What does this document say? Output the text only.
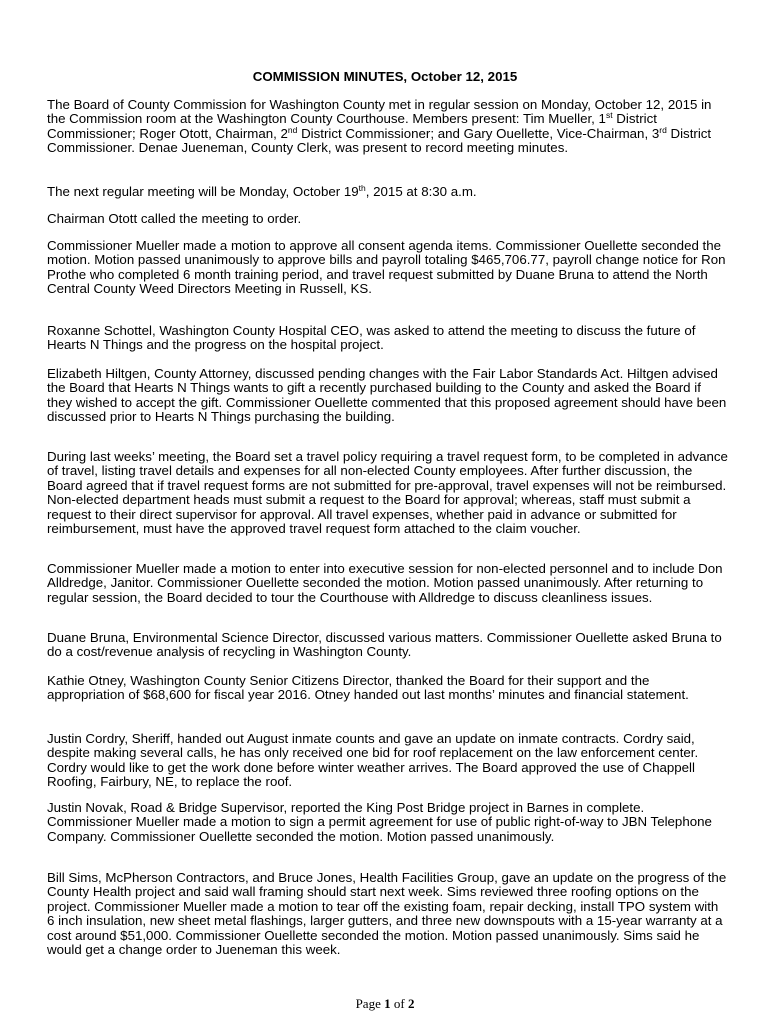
COMMISSION MINUTES, October 12, 2015

The Board of County Commission for Washington County met in regular session on Monday, October 12, 2015 in the Commission room at the Washington County Courthouse. Members present: Tim Mueller, 1st District Commissioner; Roger Otott, Chairman, 2nd District Commissioner; and Gary Ouellette, Vice-Chairman, 3rd District Commissioner. Denae Jueneman, County Clerk, was present to record meeting minutes.

The next regular meeting will be Monday, October 19th, 2015 at 8:30 a.m.

Chairman Otott called the meeting to order.

Commissioner Mueller made a motion to approve all consent agenda items. Commissioner Ouellette seconded the motion. Motion passed unanimously to approve bills and payroll totaling $465,706.77, payroll change notice for Ron Prothe who completed 6 month training period, and travel request submitted by Duane Bruna to attend the North Central County Weed Directors Meeting in Russell, KS.

Roxanne Schottel, Washington County Hospital CEO, was asked to attend the meeting to discuss the future of Hearts N Things and the progress on the hospital project.

Elizabeth Hiltgen, County Attorney, discussed pending changes with the Fair Labor Standards Act. Hiltgen advised the Board that Hearts N Things wants to gift a recently purchased building to the County and asked the Board if they wished to accept the gift. Commissioner Ouellette commented that this proposed agreement should have been discussed prior to Hearts N Things purchasing the building.

During last weeks’ meeting, the Board set a travel policy requiring a travel request form, to be completed in advance of travel, listing travel details and expenses for all non-elected County employees. After further discussion, the Board agreed that if travel request forms are not submitted for pre-approval, travel expenses will not be reimbursed. Non-elected department heads must submit a request to the Board for approval; whereas, staff must submit a request to their direct supervisor for approval. All travel expenses, whether paid in advance or submitted for reimbursement, must have the approved travel request form attached to the claim voucher.

Commissioner Mueller made a motion to enter into executive session for non-elected personnel and to include Don Alldredge, Janitor. Commissioner Ouellette seconded the motion. Motion passed unanimously. After returning to regular session, the Board decided to tour the Courthouse with Alldredge to discuss cleanliness issues.

Duane Bruna, Environmental Science Director, discussed various matters. Commissioner Ouellette asked Bruna to do a cost/revenue analysis of recycling in Washington County.

Kathie Otney, Washington County Senior Citizens Director, thanked the Board for their support and the appropriation of $68,600 for fiscal year 2016. Otney handed out last months’ minutes and financial statement.

Justin Cordry, Sheriff, handed out August inmate counts and gave an update on inmate contracts. Cordry said, despite making several calls, he has only received one bid for roof replacement on the law enforcement center. Cordry would like to get the work done before winter weather arrives. The Board approved the use of Chappell Roofing, Fairbury, NE, to replace the roof.

Justin Novak, Road & Bridge Supervisor, reported the King Post Bridge project in Barnes in complete. Commissioner Mueller made a motion to sign a permit agreement for use of public right-of-way to JBN Telephone Company. Commissioner Ouellette seconded the motion. Motion passed unanimously.

Bill Sims, McPherson Contractors, and Bruce Jones, Health Facilities Group, gave an update on the progress of the County Health project and said wall framing should start next week. Sims reviewed three roofing options on the project. Commissioner Mueller made a motion to tear off the existing foam, repair decking, install TPO system with 6 inch insulation, new sheet metal flashings, larger gutters, and three new downspouts with a 15-year warranty at a cost around $51,000. Commissioner Ouellette seconded the motion. Motion passed unanimously. Sims said he would get a change order to Jueneman this week.

Page 1 of 2
